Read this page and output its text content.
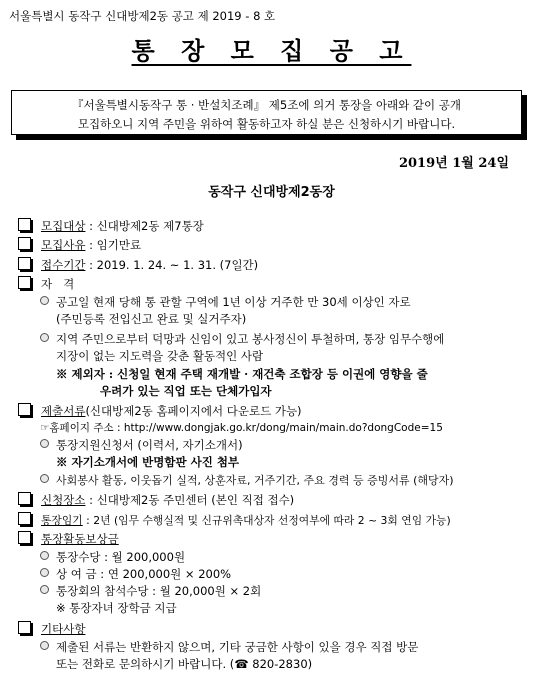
서울특별시 동작구 신대방제2동 공고 제 2019 - 8 호
통 장 모 집 공 고
『서울특별시동작구 통 · 반설치조례』 제5조에 의거 통장을 아래와 같이 공개
모집하오니 지역 주민을 위하여 활동하고자 하실 분은 신청하시기 바랍니다.
2019년 1월 24일
동작구 신대방제2동장
모집대상 : 신대방제2동 제7통장
모집사유 : 임기만료
접수기간 : 2019. 1. 24. ~ 1. 31. (7일간)
자   격
공고일 현재 당해 통 관할 구역에 1년 이상 거주한 만 30세 이상인 자로
(주민등록 전입신고 완료 및 실거주자)
지역 주민으로부터 덕망과 신임이 있고 봉사정신이 투철하며, 통장 임무수행에
지장이 없는 지도력을 갖춘 활동적인 사람
※ 제외자 : 신청일 현재 주택 재개발 · 재건축 조합장 등 이권에 영향을 줄
우려가 있는 직업 또는 단체가입자
제출서류(신대방제2동 홈페이지에서 다운로드 가능)
☞홈페이지 주소 : http://www.dongjak.go.kr/dong/main/main.do?dongCode=15
통장지원신청서 (이력서, 자기소개서)
※ 자기소개서에 반명함판 사진 첨부
사회봉사 활동, 이웃돕기 실적, 상훈자료, 거주기간, 주요 경력 등 증빙서류 (해당자)
신청장소 : 신대방제2동 주민센터 (본인 직접 접수)
통장임기 : 2년 (임무 수행실적 및 신규위촉대상자 선정여부에 따라 2 ~ 3회 연임 가능)
통장활동보상금
통장수당 : 월 200,000원
상 여 금 : 연 200,000원 × 200%
통장회의 참석수당 : 월 20,000원 × 2회
※ 통장자녀 장학금 지급
기타사항
제출된 서류는 반환하지 않으며, 기타 궁금한 사항이 있을 경우 직접 방문
또는 전화로 문의하시기 바랍니다. (☎ 820-2830)
